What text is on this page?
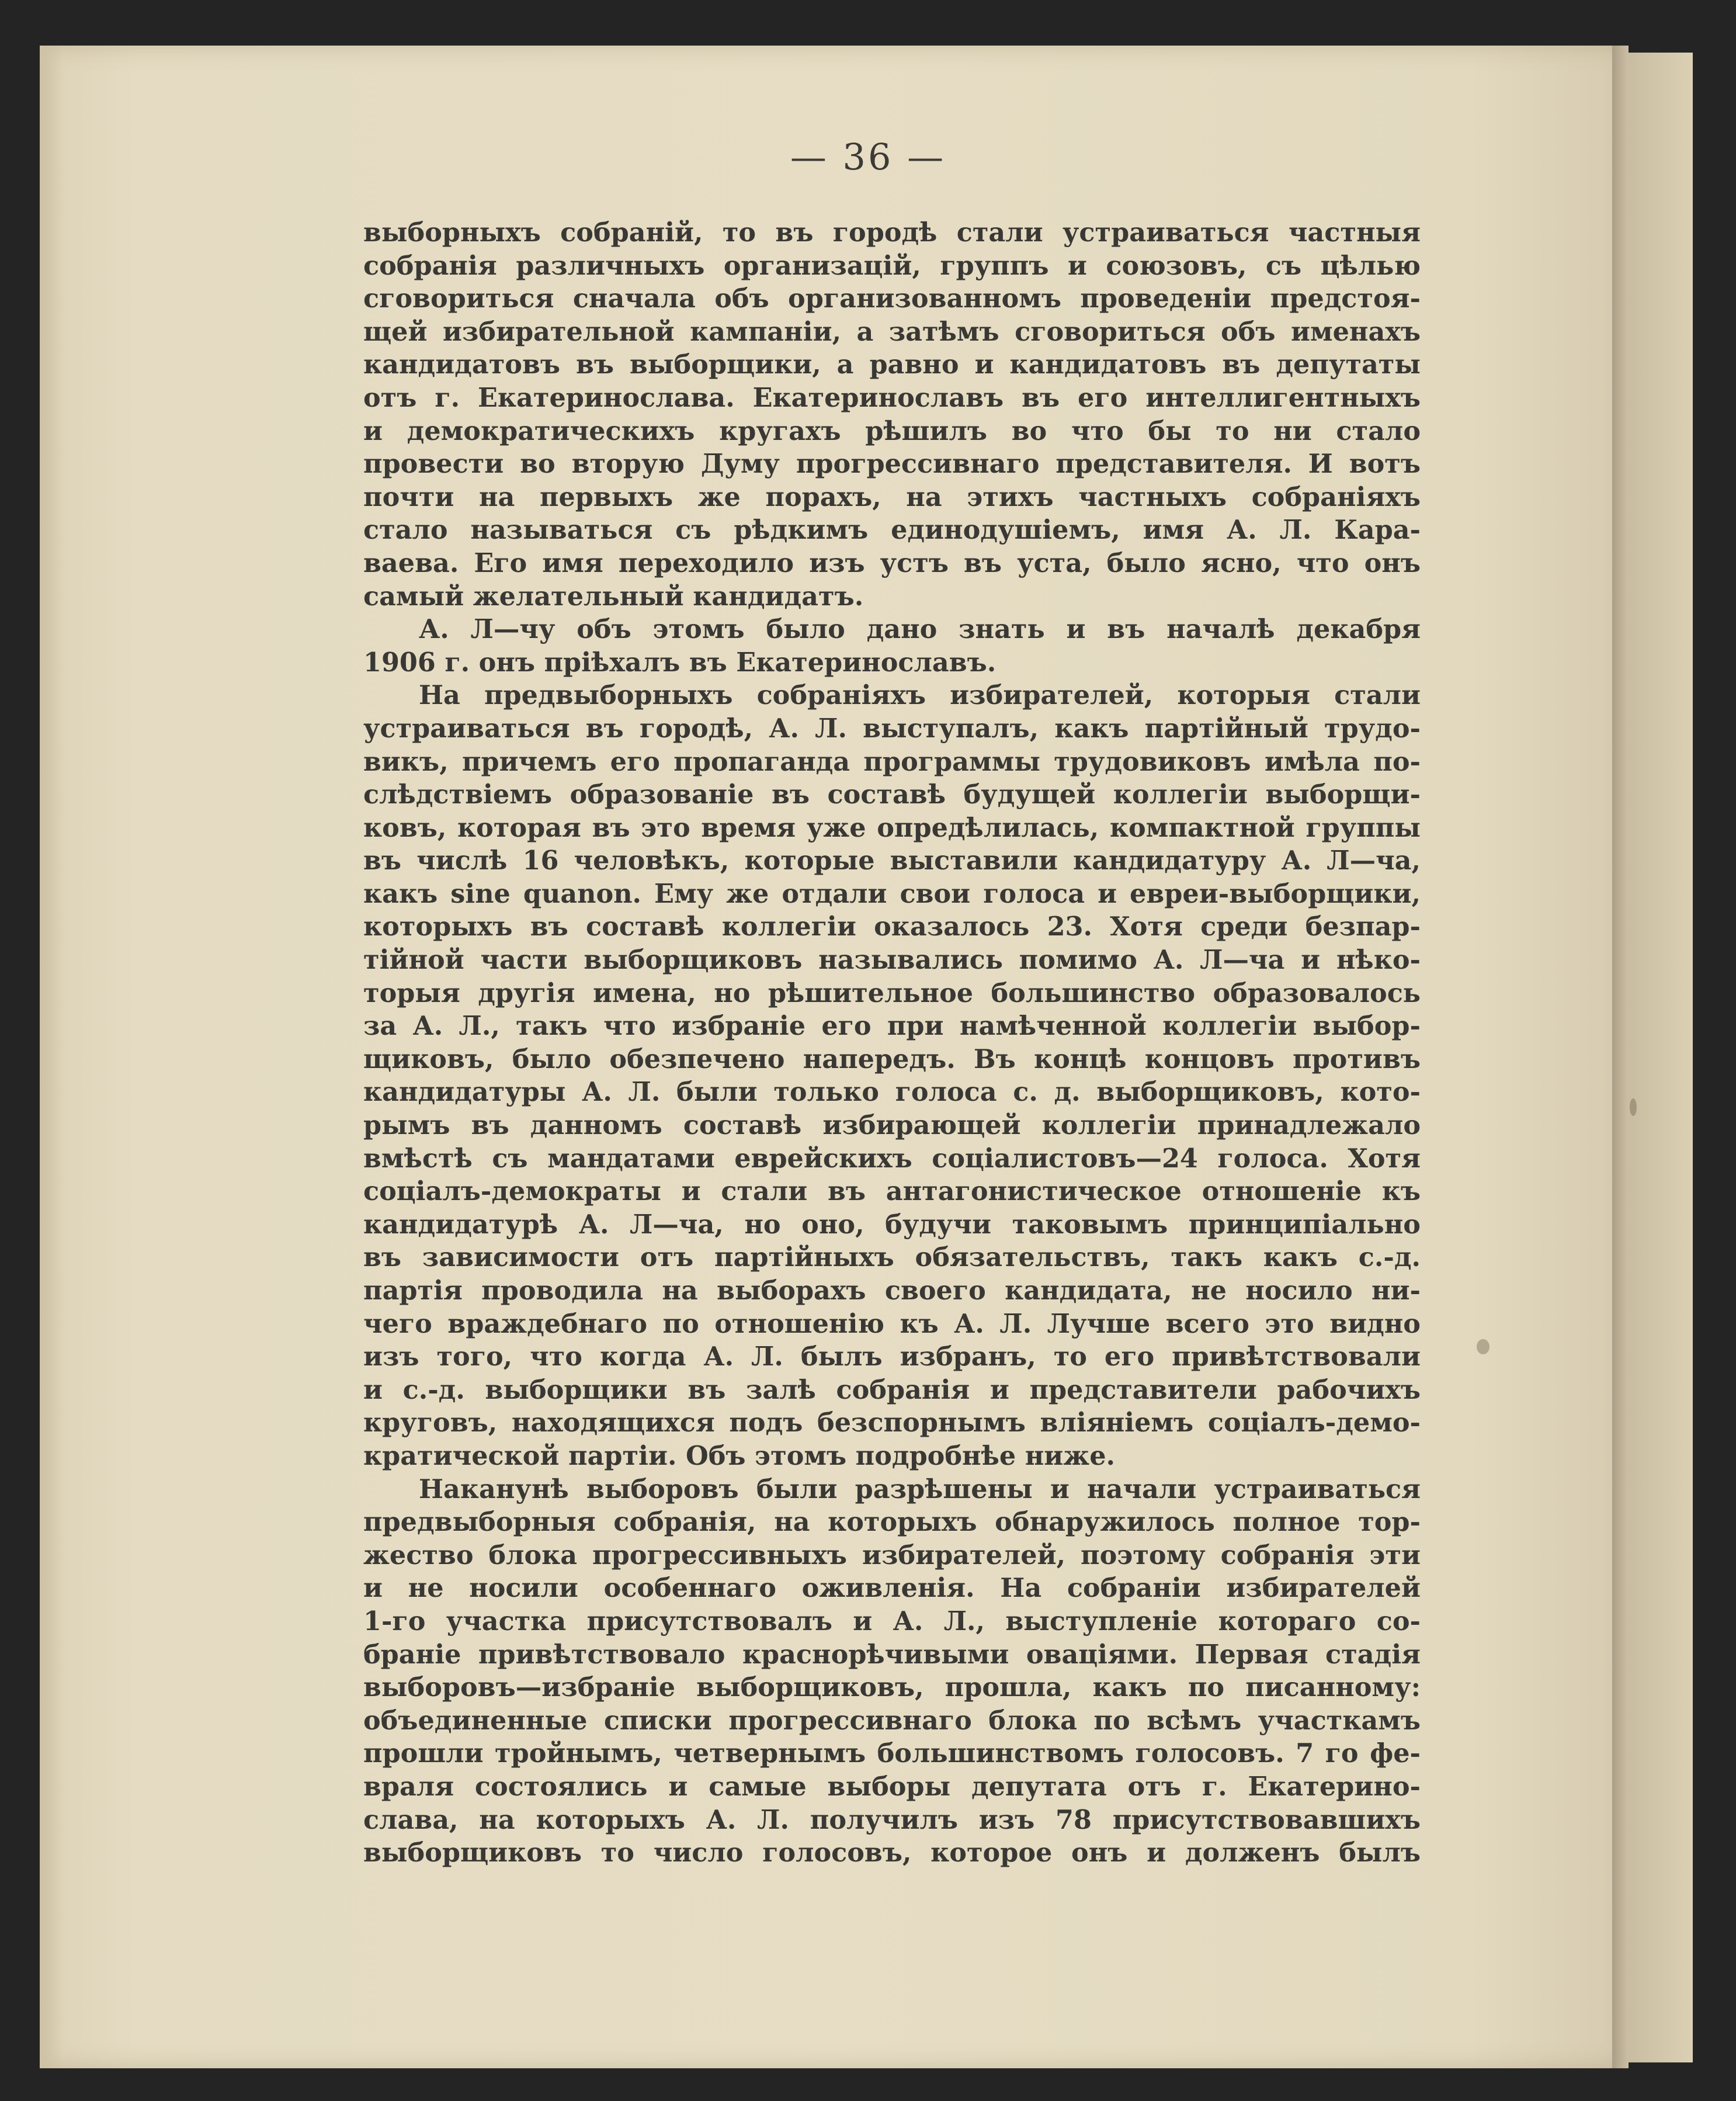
— 36 —
выборныхъ собраній, то въ городѣ стали устраиваться частныя
собранія различныхъ организацій, группъ и союзовъ, съ цѣлью
сговориться сначала объ организованномъ проведеніи предстоя-
щей избирательной кампаніи, а затѣмъ сговориться объ именахъ
кандидатовъ въ выборщики, а равно и кандидатовъ въ депутаты
отъ г. Екатеринослава. Екатеринославъ въ его интеллигентныхъ
и демократическихъ кругахъ рѣшилъ во что бы то ни стало
провести во вторую Думу прогрессивнаго представителя. И вотъ
почти на первыхъ же порахъ, на этихъ частныхъ собраніяхъ
стало называться съ рѣдкимъ единодушіемъ, имя А. Л. Кара-
ваева. Его имя переходило изъ устъ въ уста, было ясно, что онъ
самый желательный кандидатъ.
А. Л—чу объ этомъ было дано знать и въ началѣ декабря
1906 г. онъ пріѣхалъ въ Екатеринославъ.
На предвыборныхъ собраніяхъ избирателей, которыя стали
устраиваться въ городѣ, А. Л. выступалъ, какъ партійный трудо-
викъ, причемъ его пропаганда программы трудовиковъ имѣла по-
слѣдствіемъ образованіе въ составѣ будущей коллегіи выборщи-
ковъ, которая въ это время уже опредѣлилась, компактной группы
въ числѣ 16 человѣкъ, которые выставили кандидатуру А. Л—ча,
какъ sine quanon. Ему же отдали свои голоса и евреи-выборщики,
которыхъ въ составѣ коллегіи оказалось 23. Хотя среди безпар-
тійной части выборщиковъ назывались помимо А. Л—ча и нѣко-
торыя другія имена, но рѣшительное большинство образовалось
за А. Л., такъ что избраніе его при намѣченной коллегіи выбор-
щиковъ, было обезпечено напередъ. Въ концѣ концовъ противъ
кандидатуры А. Л. были только голоса с. д. выборщиковъ, кото-
рымъ въ данномъ составѣ избирающей коллегіи принадлежало
вмѣстѣ съ мандатами еврейскихъ соціалистовъ—24 голоса. Хотя
соціалъ-демократы и стали въ антагонистическое отношеніе къ
кандидатурѣ А. Л—ча, но оно, будучи таковымъ принципіально
въ зависимости отъ партійныхъ обязательствъ, такъ какъ с.-д.
партія проводила на выборахъ своего кандидата, не носило ни-
чего враждебнаго по отношенію къ А. Л. Лучше всего это видно
изъ того, что когда А. Л. былъ избранъ, то его привѣтствовали
и с.-д. выборщики въ залѣ собранія и представители рабочихъ
круговъ, находящихся подъ безспорнымъ вліяніемъ соціалъ-демо-
кратической партіи. Объ этомъ подробнѣе ниже.
Наканунѣ выборовъ были разрѣшены и начали устраиваться
предвыборныя собранія, на которыхъ обнаружилось полное тор-
жество блока прогрессивныхъ избирателей, поэтому собранія эти
и не носили особеннаго оживленія. На собраніи избирателей
1-го участка присутствовалъ и А. Л., выступленіе котораго со-
браніе привѣтствовало краснорѣчивыми оваціями. Первая стадія
выборовъ—избраніе выборщиковъ, прошла, какъ по писанному:
объединенные списки прогрессивнаго блока по всѣмъ участкамъ
прошли тройнымъ, четвернымъ большинствомъ голосовъ. 7 го фе-
враля состоялись и самые выборы депутата отъ г. Екатерино-
слава, на которыхъ А. Л. получилъ изъ 78 присутствовавшихъ
выборщиковъ то число голосовъ, которое онъ и долженъ былъ
